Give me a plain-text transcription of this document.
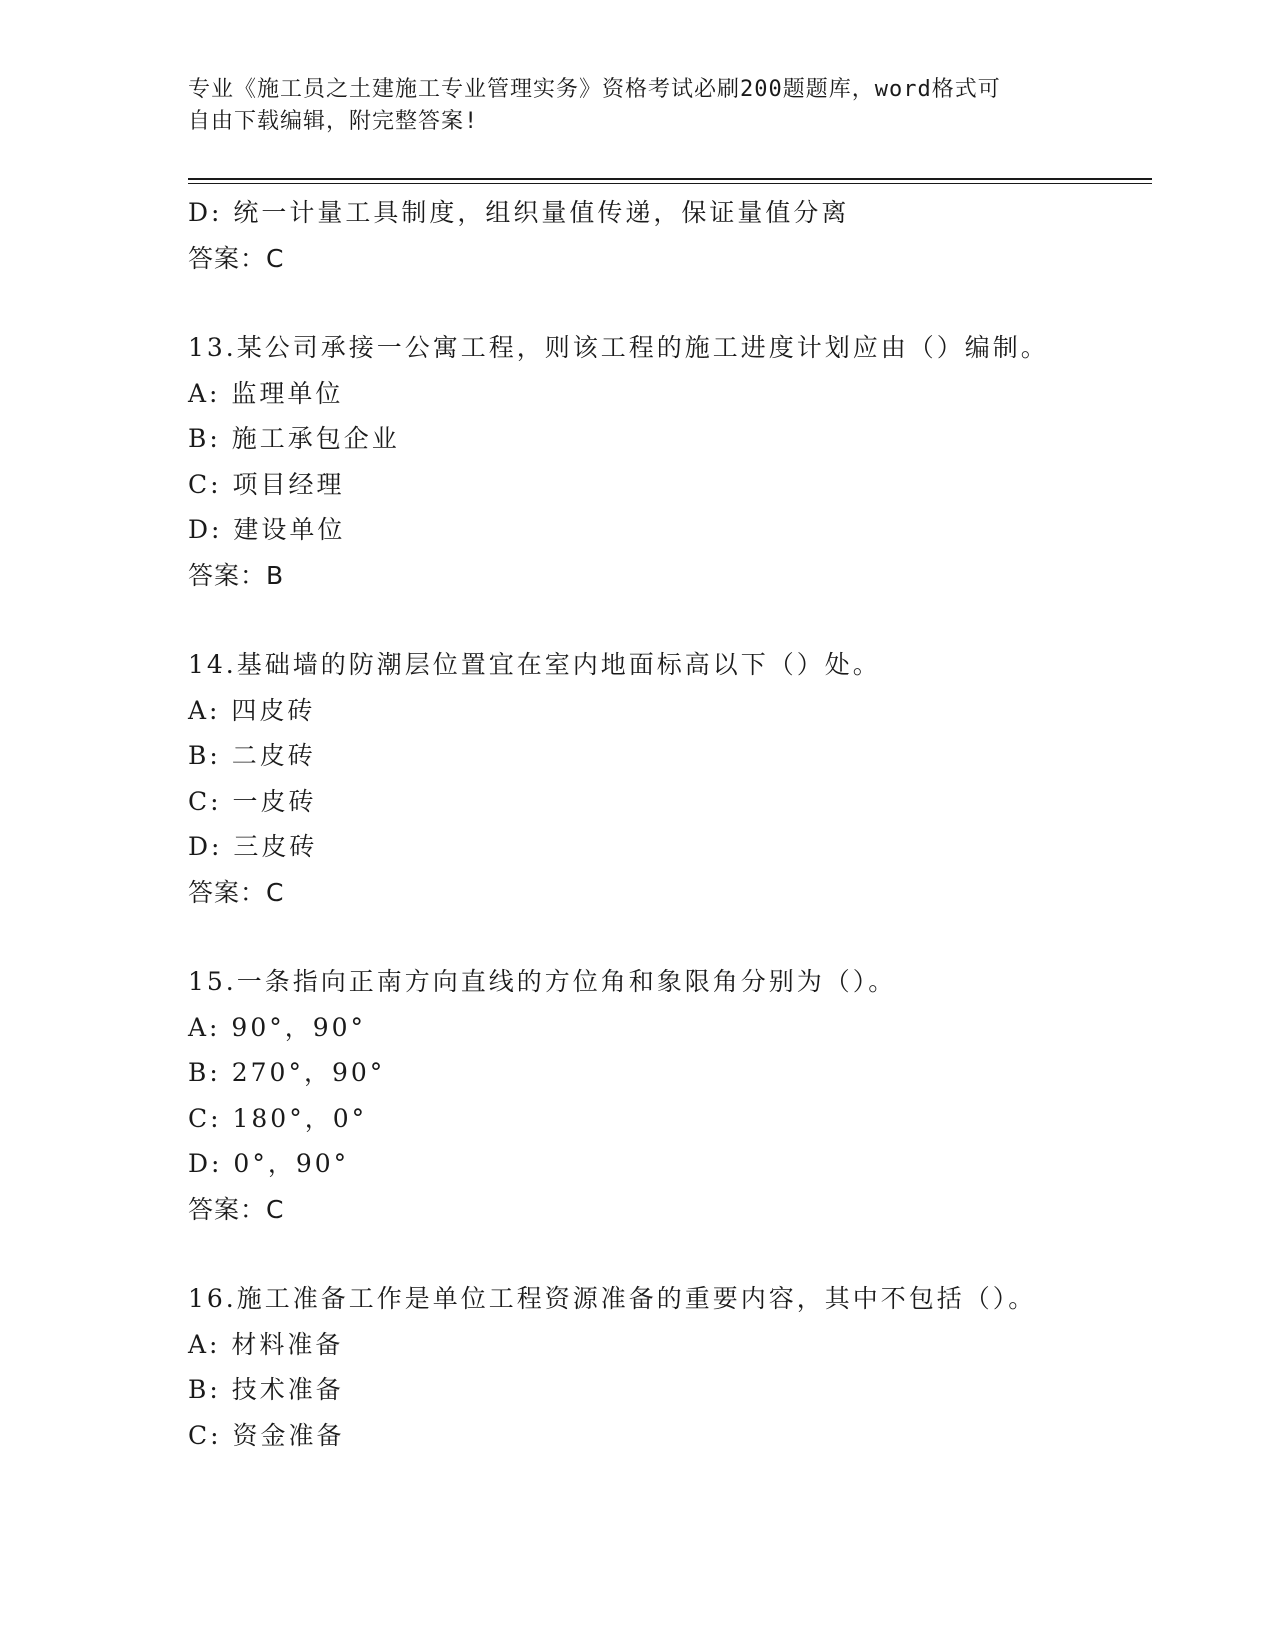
专业《施工员之土建施工专业管理实务》资格考试必刷200题题库，word格式可
自由下载编辑，附完整答案!
D: 统一计量工具制度，组织量值传递，保证量值分离
答案：C
13.某公司承接一公寓工程，则该工程的施工进度计划应由（）编制。
A: 监理单位
B: 施工承包企业
C: 项目经理
D: 建设单位
答案：B
14.基础墙的防潮层位置宜在室内地面标高以下（）处。
A: 四皮砖
B: 二皮砖
C: 一皮砖
D: 三皮砖
答案：C
15.一条指向正南方向直线的方位角和象限角分别为（）。
A: 90°，90°
B: 270°，90°
C: 180°，0°
D: 0°，90°
答案：C
16.施工准备工作是单位工程资源准备的重要内容，其中不包括（）。
A: 材料准备
B: 技术准备
C: 资金准备
